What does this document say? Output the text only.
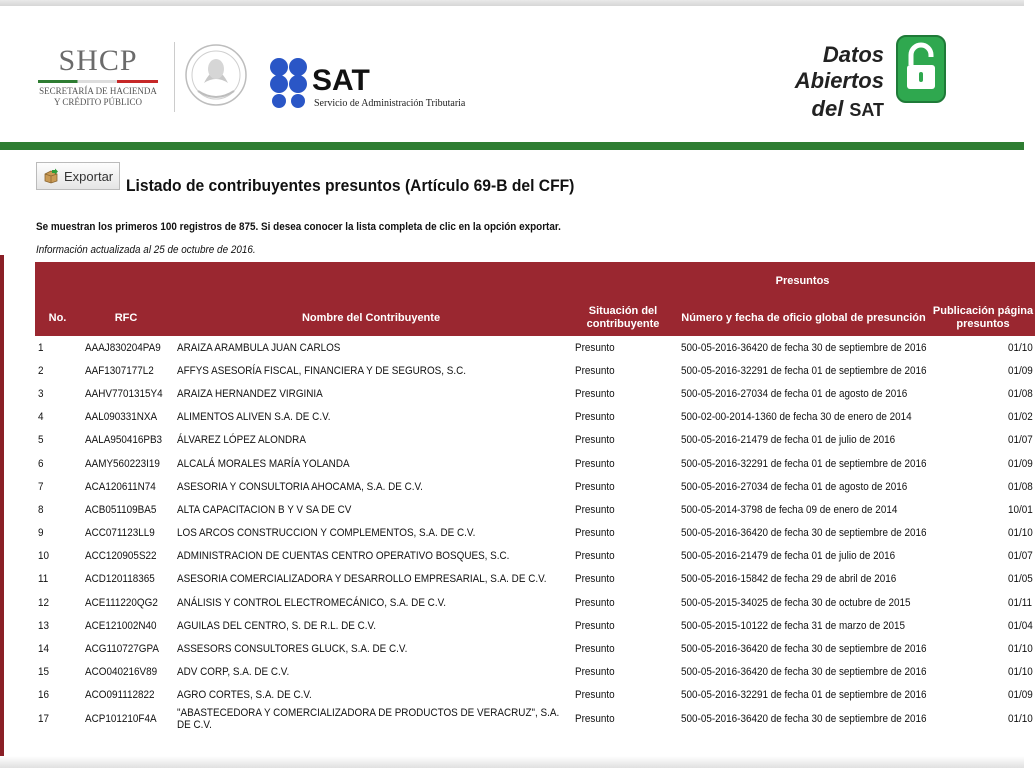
SHCP
SECRETARÍA DE HACIENDA
Y CRÉDITO PÚBLICO
SAT
Servicio de Administración Tributaria
Datos Abiertos
del SAT
Exportar Listado de contribuyentes presuntos (Artículo 69-B del CFF)
Se muestran los primeros 100 registros de 875. Si desea conocer la lista completa de clic en la opción exportar.
Información actualizada al 25 de octubre de 2016.
			Presuntos		
No.	RFC	Nombre del Contribuyente	Situación del contribuyente	Número y fecha de oficio global de presunción	Publicación página presuntos
1	AAAJ830204PA9	ARAIZA ARAMBULA JUAN CARLOS	Presunto	500-05-2016-36420 de fecha 30 de septiembre de 2016	01/10
2	AAF1307177L2	AFFYS ASESORÍA FISCAL, FINANCIERA Y DE SEGUROS, S.C.	Presunto	500-05-2016-32291 de fecha 01 de septiembre de 2016	01/09
3	AAHV7701315Y4	ARAIZA HERNANDEZ VIRGINIA	Presunto	500-05-2016-27034 de fecha 01 de agosto de 2016	01/08
4	AAL090331NXA	ALIMENTOS ALIVEN S.A. DE C.V.	Presunto	500-02-00-2014-1360 de fecha 30 de enero de 2014	01/02
5	AALA950416PB3	ÁLVAREZ LÓPEZ ALONDRA	Presunto	500-05-2016-21479 de fecha 01 de julio de 2016	01/07
6	AAMY560223I19	ALCALÁ MORALES MARÍA YOLANDA	Presunto	500-05-2016-32291 de fecha 01 de septiembre de 2016	01/09
7	ACA120611N74	ASESORIA Y CONSULTORIA AHOCAMA, S.A. DE C.V.	Presunto	500-05-2016-27034 de fecha 01 de agosto de 2016	01/08
8	ACB051109BA5	ALTA CAPACITACION B Y V SA DE CV	Presunto	500-05-2014-3798 de fecha 09 de enero de 2014	10/01
9	ACC071123LL9	LOS ARCOS CONSTRUCCION Y COMPLEMENTOS, S.A. DE C.V.	Presunto	500-05-2016-36420 de fecha 30 de septiembre de 2016	01/10
10	ACC120905S22	ADMINISTRACION DE CUENTAS CENTRO OPERATIVO BOSQUES, S.C.	Presunto	500-05-2016-21479 de fecha 01 de julio de 2016	01/07
11	ACD120118365	ASESORIA COMERCIALIZADORA Y DESARROLLO EMPRESARIAL, S.A. DE C.V.	Presunto	500-05-2016-15842 de fecha 29 de abril de 2016	01/05
12	ACE111220QG2	ANÁLISIS Y CONTROL ELECTROMECÁNICO, S.A. DE C.V.	Presunto	500-05-2015-34025 de fecha 30 de octubre de 2015	01/11
13	ACE121002N40	AGUILAS DEL CENTRO, S. DE R.L. DE C.V.	Presunto	500-05-2015-10122 de fecha 31 de marzo de 2015	01/04
14	ACG110727GPA	ASSESORS CONSULTORES GLUCK, S.A. DE C.V.	Presunto	500-05-2016-36420 de fecha 30 de septiembre de 2016	01/10
15	ACO040216V89	ADV CORP, S.A. DE C.V.	Presunto	500-05-2016-36420 de fecha 30 de septiembre de 2016	01/10
16	ACO091112822	AGRO CORTES, S.A. DE C.V.	Presunto	500-05-2016-32291 de fecha 01 de septiembre de 2016	01/09
17	ACP101210F4A	"ABASTECEDORA Y COMERCIALIZADORA DE PRODUCTOS DE VERACRUZ", S.A. DE C.V.	Presunto	500-05-2016-36420 de fecha 30 de septiembre de 2016	01/10
